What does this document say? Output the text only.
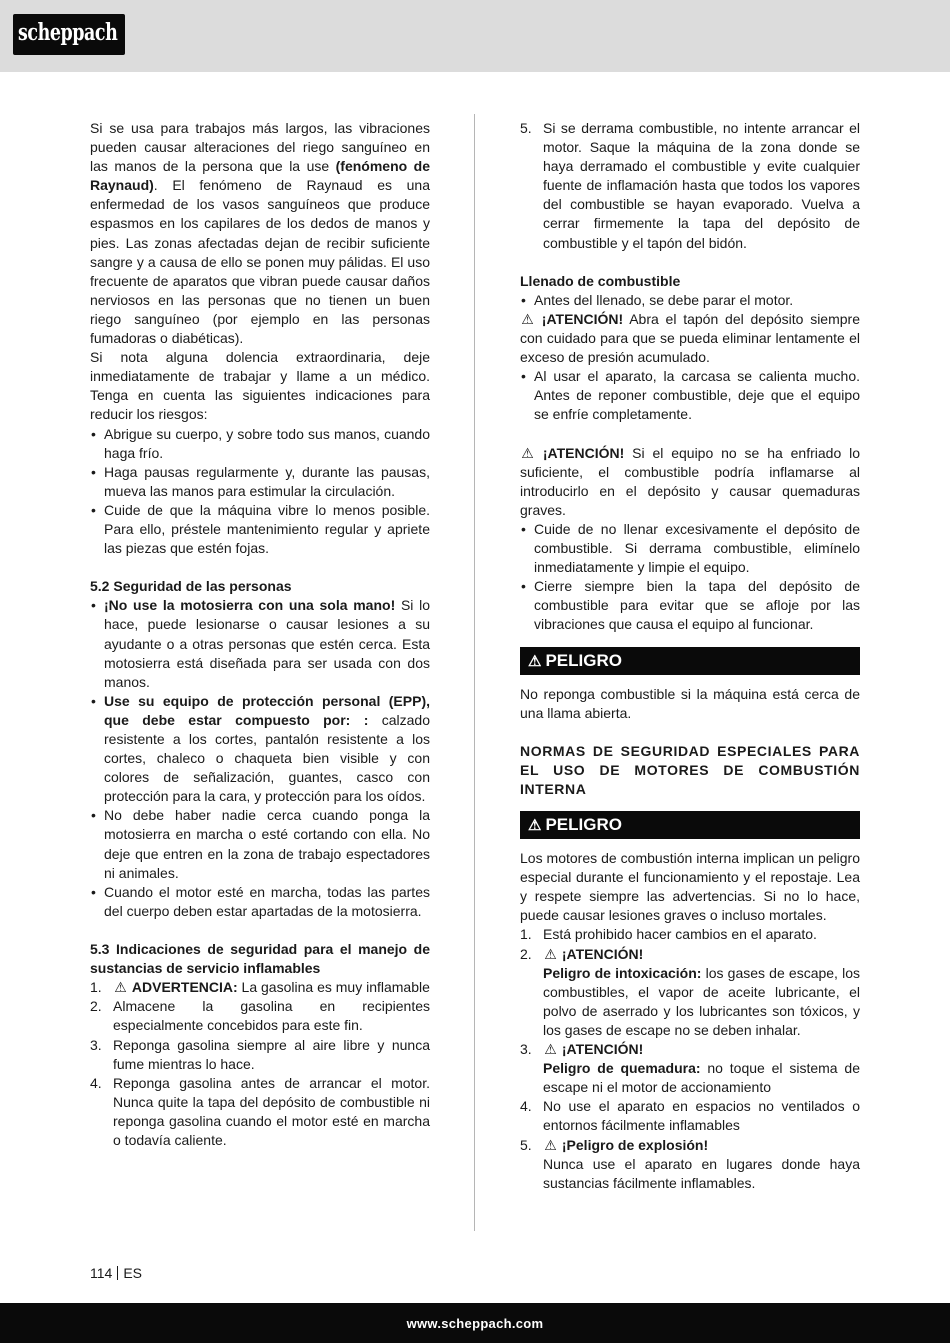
scheppach

Si se usa para trabajos más largos, las vibraciones pueden causar alteraciones del riego sanguíneo en las manos de la persona que la use (fenómeno de Raynaud). El fenómeno de Raynaud es una enfermedad de los vasos sanguíneos que produce espasmos en los capilares de los dedos de manos y pies. Las zonas afectadas dejan de recibir suficiente sangre y a causa de ello se ponen muy pálidas. El uso frecuente de aparatos que vibran puede causar daños nerviosos en las personas que no tienen un buen riego sanguíneo (por ejemplo en las personas fumadoras o diabéticas).

Si nota alguna dolencia extraordinaria, deje inmediatamente de trabajar y llame a un médico. Tenga en cuenta las siguientes indicaciones para reducir los riesgos:

• Abrigue su cuerpo, y sobre todo sus manos, cuando haga frío.
• Haga pausas regularmente y, durante las pausas, mueva las manos para estimular la circulación.
• Cuide de que la máquina vibre lo menos posible. Para ello, préstele mantenimiento regular y apriete las piezas que estén fojas.

5.2 Seguridad de las personas

• ¡No use la motosierra con una sola mano! Si lo hace, puede lesionarse o causar lesiones a su ayudante o a otras personas que estén cerca. Esta motosierra está diseñada para ser usada con dos manos.
• Use su equipo de protección personal (EPP), que debe estar compuesto por: : calzado resistente a los cortes, pantalón resistente a los cortes, chaleco o chaqueta bien visible y con colores de señalización, guantes, casco con protección para la cara, y protección para los oídos.
• No debe haber nadie cerca cuando ponga la motosierra en marcha o esté cortando con ella. No deje que entren en la zona de trabajo espectadores ni animales.
• Cuando el motor esté en marcha, todas las partes del cuerpo deben estar apartadas de la motosierra.

5.3 Indicaciones de seguridad para el manejo de sustancias de servicio inflamables

1. ⚠ ADVERTENCIA: La gasolina es muy inflamable
2. Almacene la gasolina en recipientes especialmente concebidos para este fin.
3. Reponga gasolina siempre al aire libre y nunca fume mientras lo hace.
4. Reponga gasolina antes de arrancar el motor. Nunca quite la tapa del depósito de combustible ni reponga gasolina cuando el motor esté en marcha o todavía caliente.
5. Si se derrama combustible, no intente arrancar el motor. Saque la máquina de la zona donde se haya derramado el combustible y evite cualquier fuente de inflamación hasta que todos los vapores del combustible se hayan evaporado. Vuelva a cerrar firmemente la tapa del depósito de combustible y el tapón del bidón.

Llenado de combustible

• Antes del llenado, se debe parar el motor.

⚠ ¡ATENCIÓN! Abra el tapón del depósito siempre con cuidado para que se pueda eliminar lentamente el exceso de presión acumulado.

• Al usar el aparato, la carcasa se calienta mucho. Antes de reponer combustible, deje que el equipo se enfríe completamente.

⚠ ¡ATENCIÓN! Si el equipo no se ha enfriado lo suficiente, el combustible podría inflamarse al introducirlo en el depósito y causar quemaduras graves.

• Cuide de no llenar excesivamente el depósito de combustible. Si derrama combustible, elimínelo inmediatamente y limpie el equipo.
• Cierre siempre bien la tapa del depósito de combustible para evitar que se afloje por las vibraciones que causa el equipo al funcionar.
⚠ PELIGRO

No reponga combustible si la máquina está cerca de una llama abierta.

NORMAS DE SEGURIDAD ESPECIALES PARA EL USO DE MOTORES DE COMBUSTIÓN INTERNA

⚠ PELIGRO

Los motores de combustión interna implican un peligro especial durante el funcionamiento y el repostaje. Lea y respete siempre las advertencias. Si no lo hace, puede causar lesiones graves o incluso mortales.

1. Está prohibido hacer cambios en el aparato.
2. ⚠ ¡ATENCIÓN!
Peligro de intoxicación: los gases de escape, los combustibles, el vapor de aceite lubricante, el polvo de aserrado y los lubricantes son tóxicos, y los gases de escape no se deben inhalar.
3. ⚠ ¡ATENCIÓN!
Peligro de quemadura: no toque el sistema de escape ni el motor de accionamiento
4. No use el aparato en espacios no ventilados o entornos fácilmente inflamables
5. ⚠ ¡Peligro de explosión!
Nunca use el aparato en lugares donde haya sustancias fácilmente inflamables.
114 ES
www.scheppach.com
